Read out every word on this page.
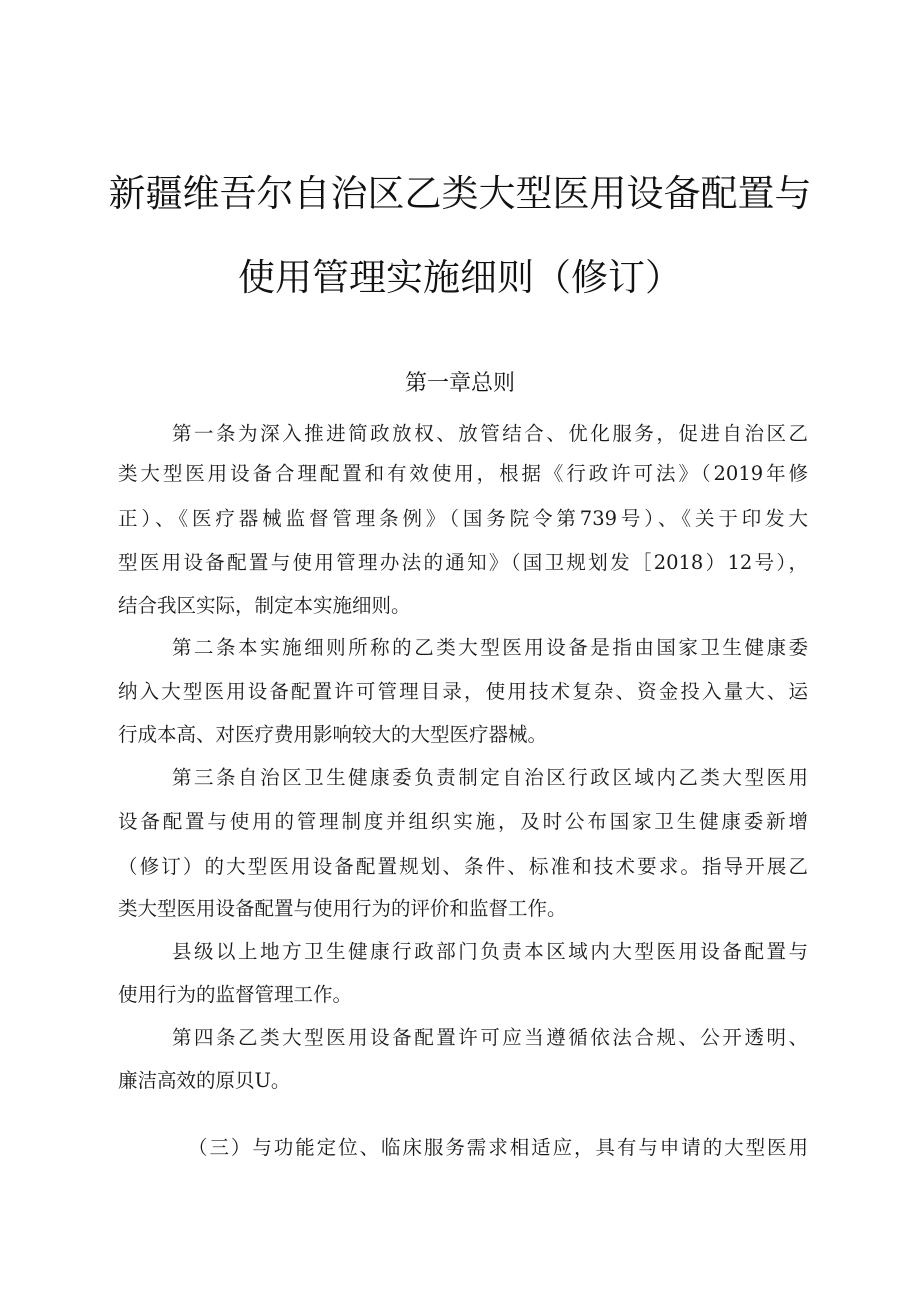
新疆维吾尔自治区乙类大型医用设备配置与
使用管理实施细则（修订）
第一章总则
第一条为深入推进简政放权、放管结合、优化服务，促进自治区乙
类大型医用设备合理配置和有效使用，根据《行政许可法》（2019年修
正）、《医疗器械监督管理条例》（国务院令第739号）、《关于印发大
型医用设备配置与使用管理办法的通知》（国卫规划发［2018）12号），
结合我区实际，制定本实施细则。
第二条本实施细则所称的乙类大型医用设备是指由国家卫生健康委
纳入大型医用设备配置许可管理目录，使用技术复杂、资金投入量大、运
行成本高、对医疗费用影响较大的大型医疗器械。
第三条自治区卫生健康委负责制定自治区行政区域内乙类大型医用
设备配置与使用的管理制度并组织实施，及时公布国家卫生健康委新增
（修订）的大型医用设备配置规划、条件、标准和技术要求。指导开展乙
类大型医用设备配置与使用行为的评价和监督工作。
县级以上地方卫生健康行政部门负责本区域内大型医用设备配置与
使用行为的监督管理工作。
第四条乙类大型医用设备配置许可应当遵循依法合规、公开透明、
廉洁高效的原贝U。
（三）与功能定位、临床服务需求相适应，具有与申请的大型医用
